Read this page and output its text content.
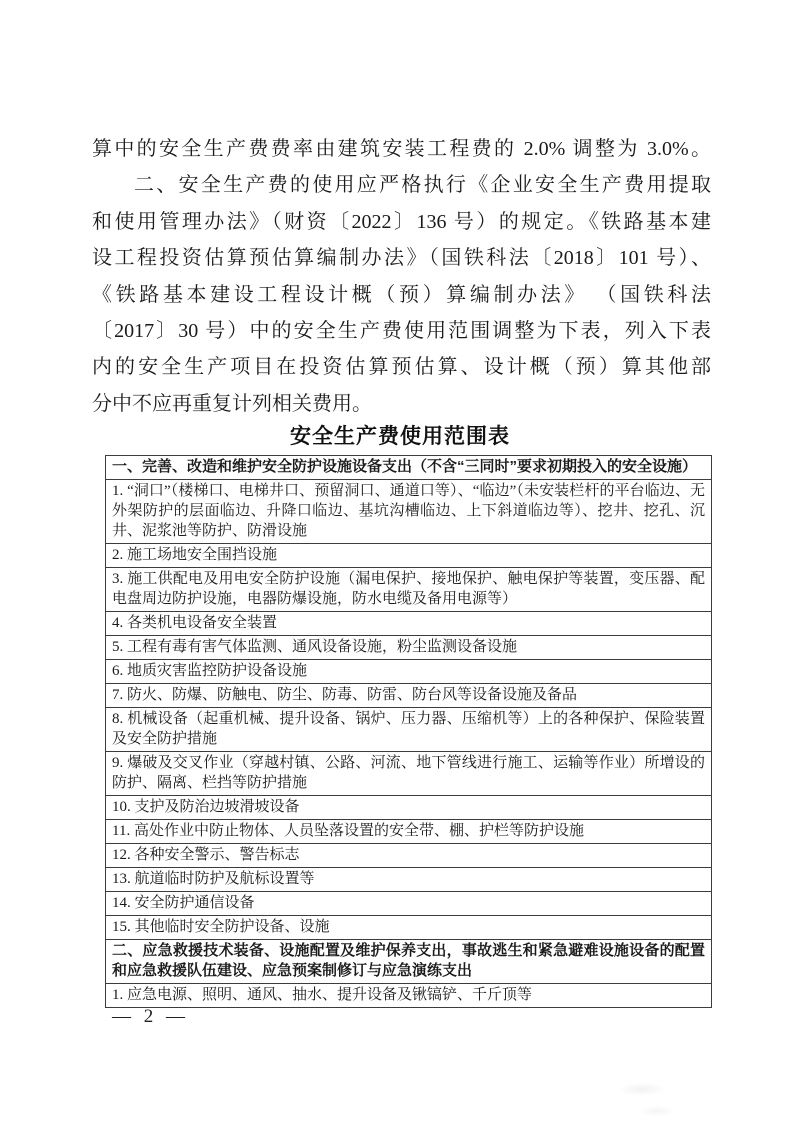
算中的安全生产费费率由建筑安装工程费的 2.0% 调整为 3.0%。
二、安全生产费的使用应严格执行《企业安全生产费用提取
和使用管理办法》（财资〔2022〕136 号）的规定。《铁路基本建
设工程投资估算预估算编制办法》（国铁科法〔2018〕101 号）、
《铁路基本建设工程设计概（预）算编制办法》 （国铁科法
〔2017〕30 号）中的安全生产费使用范围调整为下表，列入下表
内的安全生产项目在投资估算预估算、设计概（预）算其他部
分中不应再重复计列相关费用。
安全生产费使用范围表
一、完善、改造和维护安全防护设施设备支出（不含“三同时”要求初期投入的安全设施）
1. “洞口”（楼梯口、电梯井口、预留洞口、通道口等）、“临边”（未安装栏杆的平台临边、无外架防护的层面临边、升降口临边、基坑沟槽临边、上下斜道临边等）、挖井、挖孔、沉井、泥浆池等防护、防滑设施
2. 施工场地安全围挡设施
3. 施工供配电及用电安全防护设施（漏电保护、接地保护、触电保护等装置，变压器、配电盘周边防护设施，电器防爆设施，防水电缆及备用电源等）
4. 各类机电设备安全装置
5. 工程有毒有害气体监测、通风设备设施，粉尘监测设备设施
6. 地质灾害监控防护设备设施
7. 防火、防爆、防触电、防尘、防毒、防雷、防台风等设备设施及备品
8. 机械设备（起重机械、提升设备、锅炉、压力器、压缩机等）上的各种保护、保险装置及安全防护措施
9. 爆破及交叉作业（穿越村镇、公路、河流、地下管线进行施工、运输等作业）所增设的防护、隔离、栏挡等防护措施
10. 支护及防治边坡滑坡设备
11. 高处作业中防止物体、人员坠落设置的安全带、棚、护栏等防护设施
12. 各种安全警示、警告标志
13. 航道临时防护及航标设置等
14. 安全防护通信设备
15. 其他临时安全防护设备、设施
二、应急救援技术装备、设施配置及维护保养支出，事故逃生和紧急避难设施设备的配置和应急救援队伍建设、应急预案制修订与应急演练支出
1. 应急电源、照明、通风、抽水、提升设备及锹镐铲、千斤顶等
— 2 —
